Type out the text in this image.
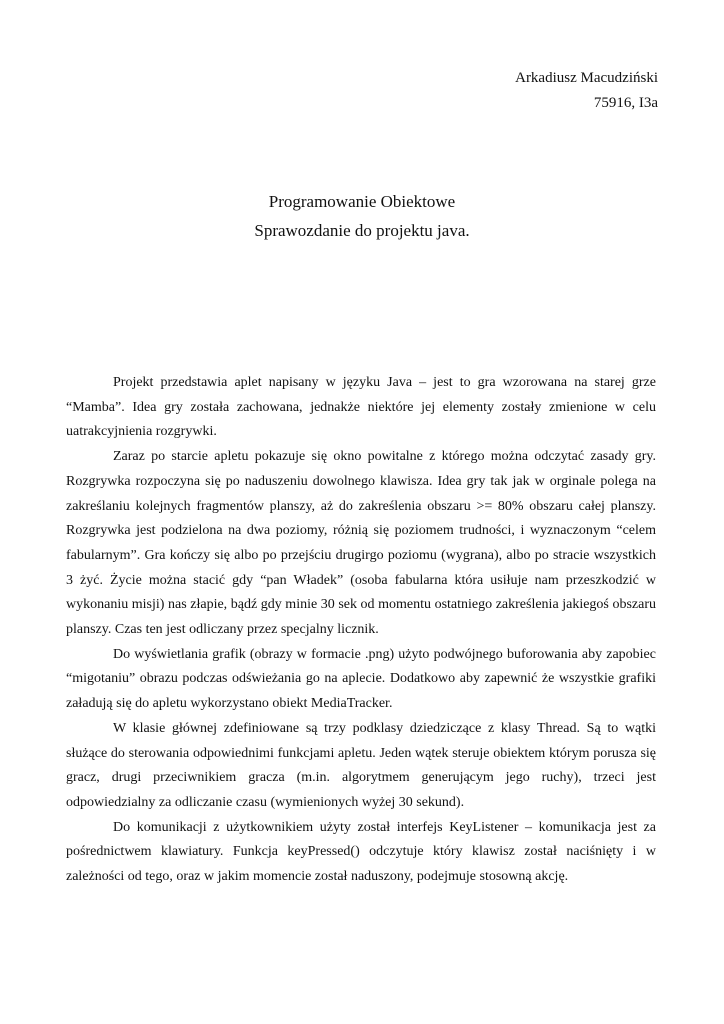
Arkadiusz Macudziński
75916, I3a
Programowanie Obiektowe
Sprawozdanie do projektu java.

Projekt przedstawia aplet napisany w języku Java – jest to gra wzorowana na starej grze “Mamba”. Idea gry została zachowana, jednakże niektóre jej elementy zostały zmienione w celu uatrakcyjnienia rozgrywki.

Zaraz po starcie apletu pokazuje się okno powitalne z którego można odczytać zasady gry. Rozgrywka rozpoczyna się po naduszeniu dowolnego klawisza. Idea gry tak jak w orginale polega na zakreślaniu kolejnych fragmentów planszy, aż do zakreślenia obszaru >= 80% obszaru całej planszy. Rozgrywka jest podzielona na dwa poziomy, różnią się poziomem trudności, i wyznaczonym “celem fabularnym”. Gra kończy się albo po przejściu drugirgo poziomu (wygrana), albo po stracie wszystkich 3 żyć. Życie można stacić gdy “pan Władek” (osoba fabularna która usiłuje nam przeszkodzić w wykonaniu misji) nas złapie, bądź gdy minie 30 sek od momentu ostatniego zakreślenia jakiegoś obszaru planszy. Czas ten jest odliczany przez specjalny licznik.

Do wyświetlania grafik (obrazy w formacie .png) użyto podwójnego buforowania aby zapobiec “migotaniu” obrazu podczas odświeżania go na aplecie. Dodatkowo aby zapewnić że wszystkie grafiki załadują się do apletu wykorzystano obiekt MediaTracker.

W klasie głównej zdefiniowane są trzy podklasy dziedziczące z klasy Thread. Są to wątki służące do sterowania odpowiednimi funkcjami apletu. Jeden wątek steruje obiektem którym porusza się gracz, drugi przeciwnikiem gracza (m.in. algorytmem generującym jego ruchy), trzeci jest odpowiedzialny za odliczanie czasu (wymienionych wyżej 30 sekund).

Do komunikacji z użytkownikiem użyty został interfejs KeyListener – komunikacja jest za pośrednictwem klawiatury. Funkcja keyPressed() odczytuje który klawisz został naciśnięty i w zależności od tego, oraz w jakim momencie został naduszony, podejmuje stosowną akcję.
